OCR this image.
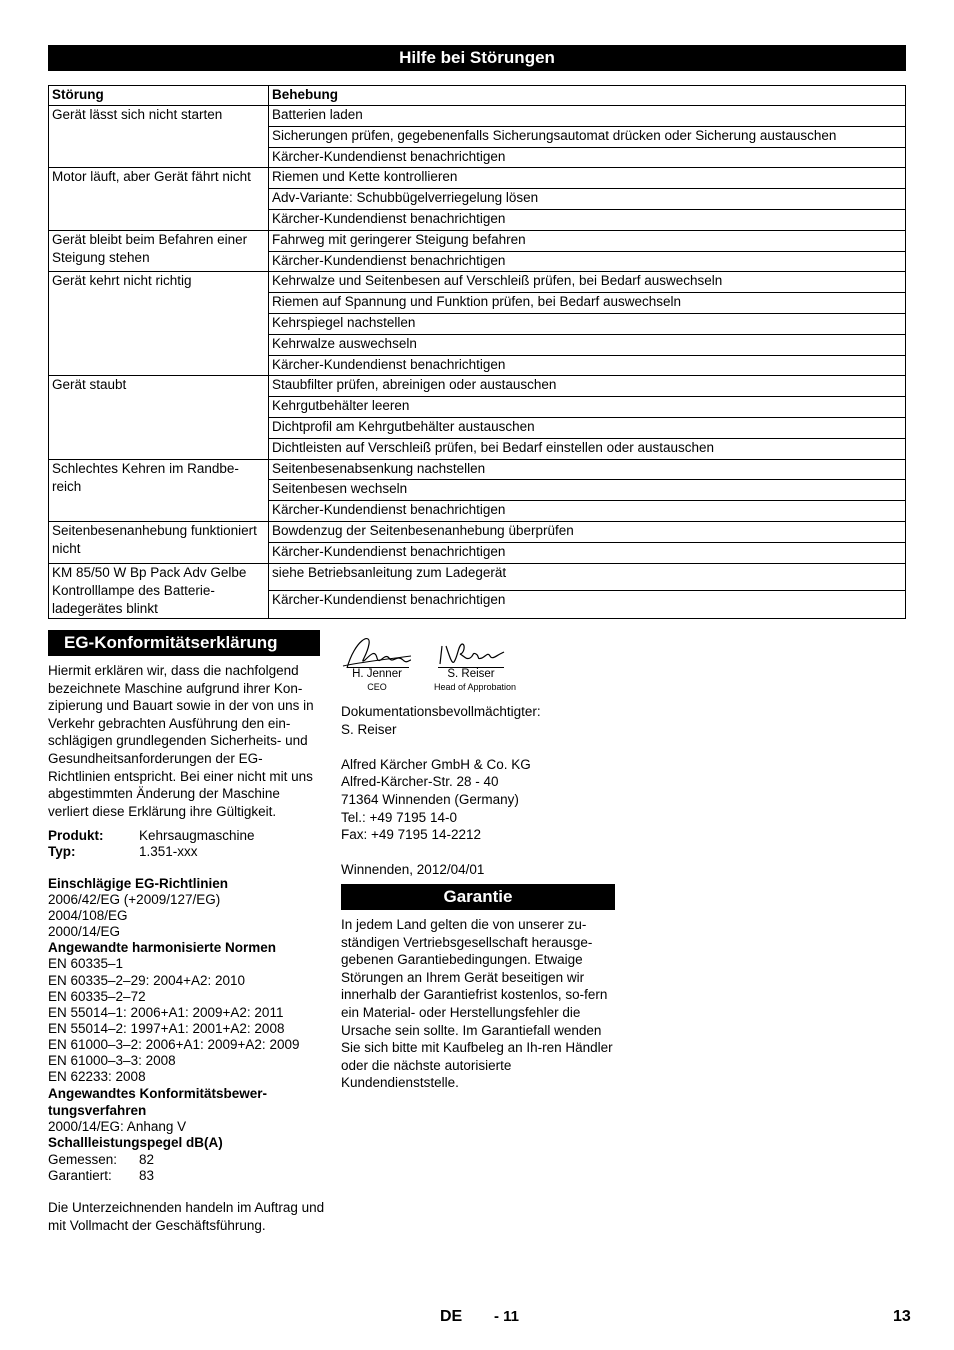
Hilfe bei Störungen
Störung	Behebung
Gerät lässt sich nicht starten	Batterien laden
	Sicherungen prüfen, gegebenenfalls Sicherungsautomat drücken oder Sicherung austauschen
	Kärcher-Kundendienst benachrichtigen
Motor läuft, aber Gerät fährt nicht	Riemen und Kette kontrollieren
	Adv-Variante: Schubbügelverriegelung lösen
	Kärcher-Kundendienst benachrichtigen
Gerät bleibt beim Befahren einer Steigung stehen	Fahrweg mit geringerer Steigung befahren
	Kärcher-Kundendienst benachrichtigen
Gerät kehrt nicht richtig	Kehrwalze und Seitenbesen auf Verschleiß prüfen, bei Bedarf auswechseln
	Riemen auf Spannung und Funktion prüfen, bei Bedarf auswechseln
	Kehrspiegel nachstellen
	Kehrwalze auswechseln
	Kärcher-Kundendienst benachrichtigen
Gerät staubt	Staubfilter prüfen, abreinigen oder austauschen
	Kehrgutbehälter leeren
	Dichtprofil am Kehrgutbehälter austauschen
	Dichtleisten auf Verschleiß prüfen, bei Bedarf einstellen oder austauschen
Schlechtes Kehren im Randbe-reich	Seitenbesenabsenkung nachstellen
	Seitenbesen wechseln
	Kärcher-Kundendienst benachrichtigen
Seitenbesenanhebung funktioniert nicht	Bowdenzug der Seitenbesenanhebung überprüfen
	Kärcher-Kundendienst benachrichtigen
KM 85/50 W Bp Pack Adv Gelbe Kontrolllampe des Batterie-ladegerätes blinkt	siehe Betriebsanleitung zum Ladegerät
	Kärcher-Kundendienst benachrichtigen
EG-Konformitätserklärung
Hiermit erklären wir, dass die nachfolgend bezeichnete Maschine aufgrund ihrer Kon-zipierung und Bauart sowie in der von uns in Verkehr gebrachten Ausführung den ein-schlägigen grundlegenden Sicherheits- und Gesundheitsanforderungen der EG-Richtlinien entspricht. Bei einer nicht mit uns abgestimmten Änderung der Maschine verliert diese Erklärung ihre Gültigkeit.
Produkt:	Kehrsaugmaschine
Typ:	1.351-xxx
Einschlägige EG-Richtlinien
2006/42/EG (+2009/127/EG)
2004/108/EG
2000/14/EG
Angewandte harmonisierte Normen
EN 60335–1
EN 60335–2–29: 2004+A2: 2010
EN 60335–2–72
EN 55014–1: 2006+A1: 2009+A2: 2011
EN 55014–2: 1997+A1: 2001+A2: 2008
EN 61000–3–2: 2006+A1: 2009+A2: 2009
EN 61000–3–3: 2008
EN 62233: 2008
Angewandtes Konformitätsbewer-
tungsverfahren
2000/14/EG: Anhang V
Schallleistungspegel dB(A)
Gemessen:	82
Garantiert:	83
Die Unterzeichnenden handeln im Auftrag und mit Vollmacht der Geschäftsführung.
H. Jenner
CEO
S. Reiser
Head of Approbation
Dokumentationsbevollmächtigter:
S. Reiser
Alfred Kärcher GmbH & Co. KG
Alfred-Kärcher-Str. 28 - 40
71364 Winnenden (Germany)
Tel.: +49 7195 14-0
Fax: +49 7195 14-2212
Winnenden, 2012/04/01
Garantie
In jedem Land gelten die von unserer zu-ständigen Vertriebsgesellschaft herausge-gebenen Garantiebedingungen. Etwaige Störungen an Ihrem Gerät beseitigen wir innerhalb der Garantiefrist kostenlos, so-fern ein Material- oder Herstellungsfehler die Ursache sein sollte. Im Garantiefall wenden Sie sich bitte mit Kaufbeleg an Ih-ren Händler oder die nächste autorisierte Kundendienststelle.
DE - 11	13
